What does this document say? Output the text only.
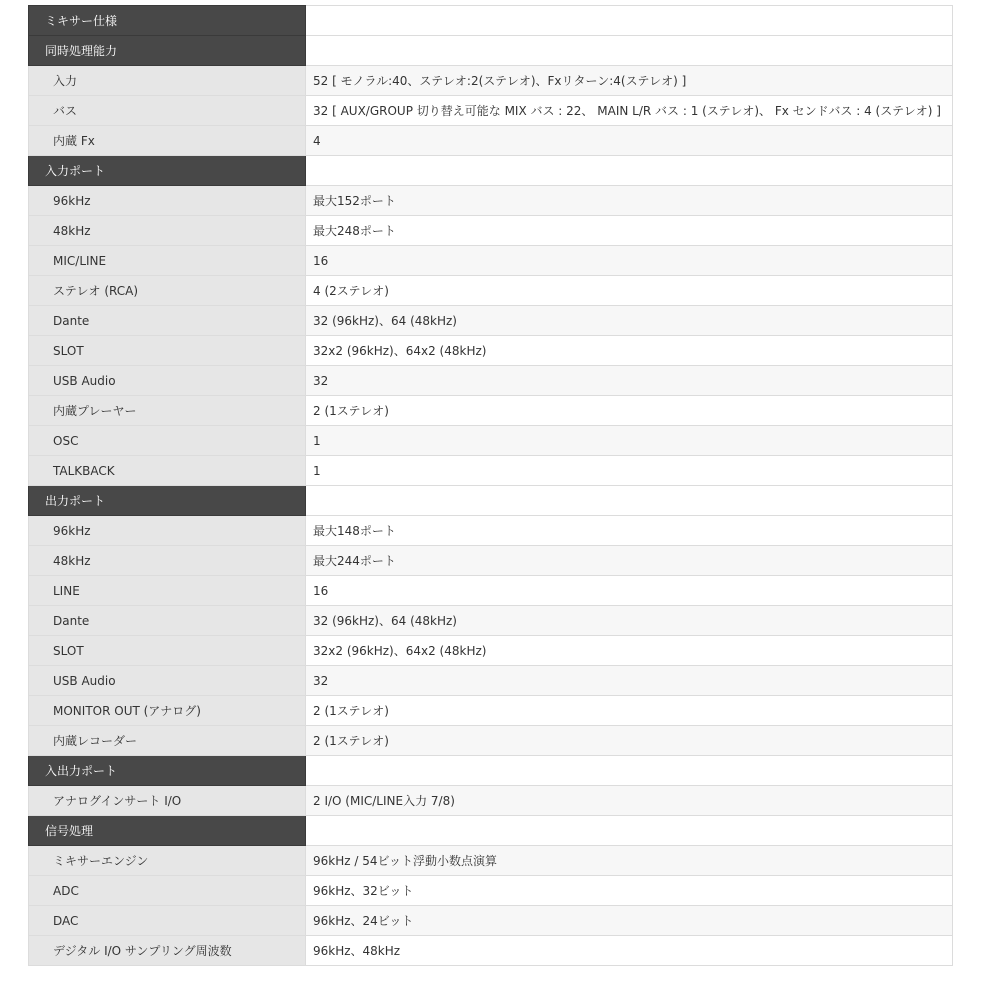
ミキサー仕様	
同時処理能力	
入力	52 [ モノラル:40、ステレオ:2(ステレオ)、Fxリターン:4(ステレオ) ]
バス	32 [ AUX/GROUP 切り替え可能な MIX バス : 22、 MAIN L/R バス : 1 (ステレオ)、 Fx センドバス : 4 (ステレオ) ]
内蔵 Fx	4
入力ポート	
96kHz	最大152ポート
48kHz	最大248ポート
MIC/LINE	16
ステレオ (RCA)	4 (2ステレオ)
Dante	32 (96kHz)、64 (48kHz)
SLOT	32x2 (96kHz)、64x2 (48kHz)
USB Audio	32
内蔵プレーヤー	2 (1ステレオ)
OSC	1
TALKBACK	1
出力ポート	
96kHz	最大148ポート
48kHz	最大244ポート
LINE	16
Dante	32 (96kHz)、64 (48kHz)
SLOT	32x2 (96kHz)、64x2 (48kHz)
USB Audio	32
MONITOR OUT (アナログ)	2 (1ステレオ)
内蔵レコーダー	2 (1ステレオ)
入出力ポート	
アナログインサート I/O	2 I/O (MIC/LINE入力 7/8)
信号処理	
ミキサーエンジン	96kHz / 54ビット浮動小数点演算
ADC	96kHz、32ビット
DAC	96kHz、24ビット
デジタル I/O サンプリング周波数	96kHz、48kHz
